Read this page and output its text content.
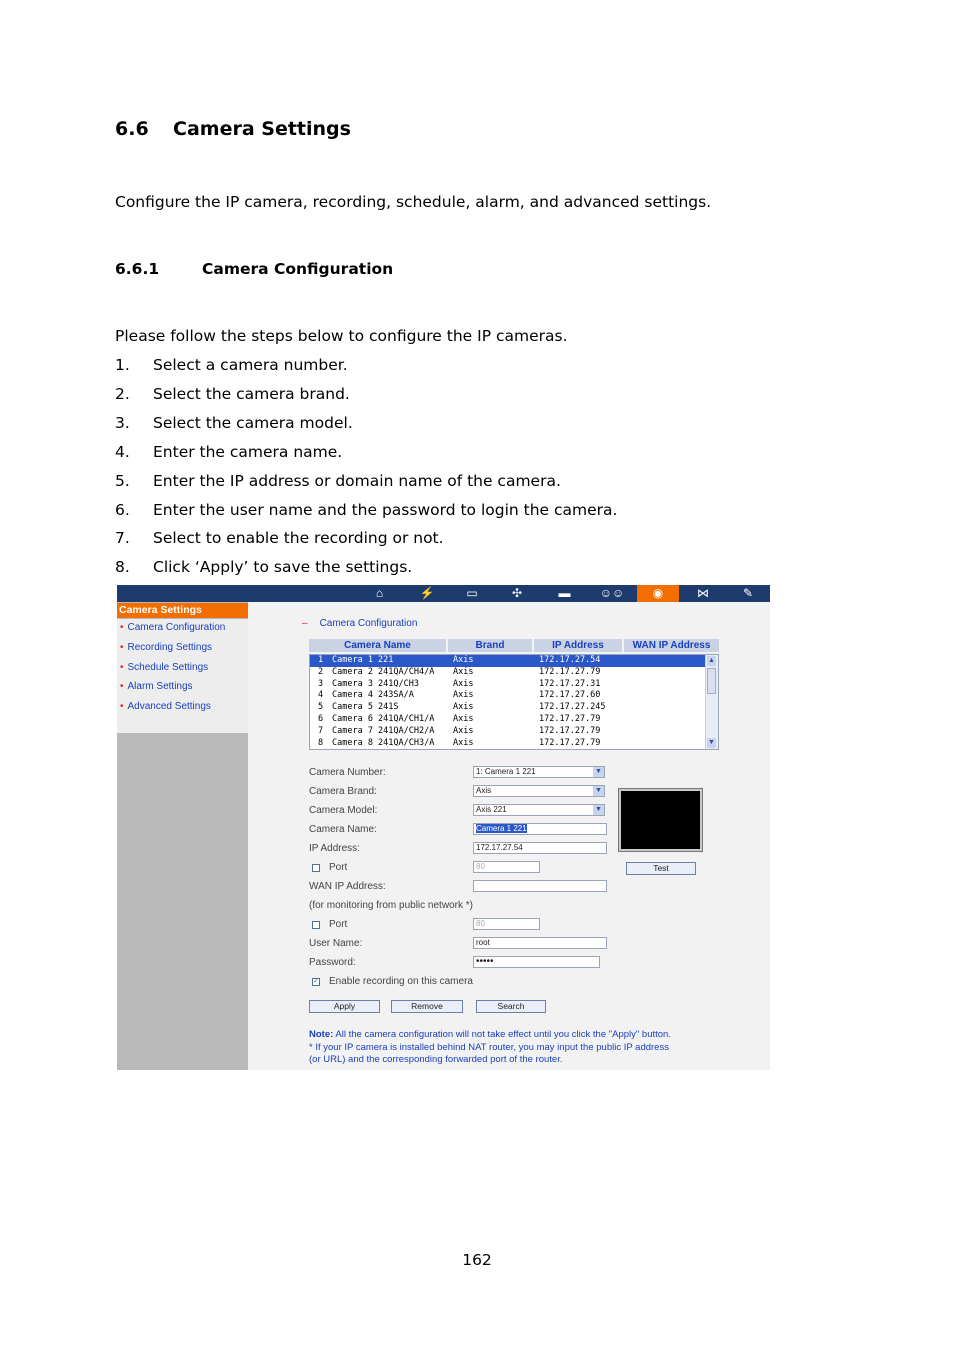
6.6 Camera Settings
Configure the IP camera, recording, schedule, alarm, and advanced settings.
6.6.1	Camera Configuration
Please follow the steps below to configure the IP cameras.
1. Select a camera number.
2. Select the camera brand.
3. Select the camera model.
4. Enter the camera name.
5. Enter the IP address or domain name of the camera.
6. Enter the user name and the password to login the camera.
7. Select to enable the recording or not.
8. Click ‘Apply’ to save the settings.
⌂	⚡	▭	✣	▬	☺☺	◉	⋈	✎
Camera Settings
• Camera Configuration
• Recording Settings
• Schedule Settings
• Alarm Settings
• Advanced Settings
– Camera Configuration
Camera Name	Brand	IP Address	WAN IP Address
1 Camera 1 221	Axis	172.17.27.54
2 Camera 2 241QA/CH4/A Axis	172.17.27.79
3 Camera 3 241Q/CH3	Axis	172.17.27.31
4 Camera 4 243SA/A	Axis	172.17.27.60
5 Camera 5 241S	Axis	172.17.27.245
6 Camera 6 241QA/CH1/A Axis	172.17.27.79
7 Camera 7 241QA/CH2/A Axis	172.17.27.79
8 Camera 8 241QA/CH3/A Axis	172.17.27.79
▲
▼
Camera Number:	1: Camera 1 221	▼
Camera Brand:	Axis	▼
Camera Model:	Axis 221	▼
Camera Name:	Camera 1 221
IP Address:	172.17.27.54
Port	80	Test
WAN IP Address:
(for monitoring from public network *)
Port	80
User Name:	root
Password:	•••••
✓ Enable recording on this camera
Apply	Remove	Search
Note: All the camera configuration will not take effect until you click the "Apply" button.
* If your IP camera is installed behind NAT router, you may input the public IP address
(or URL) and the corresponding forwarded port of the router.
162
